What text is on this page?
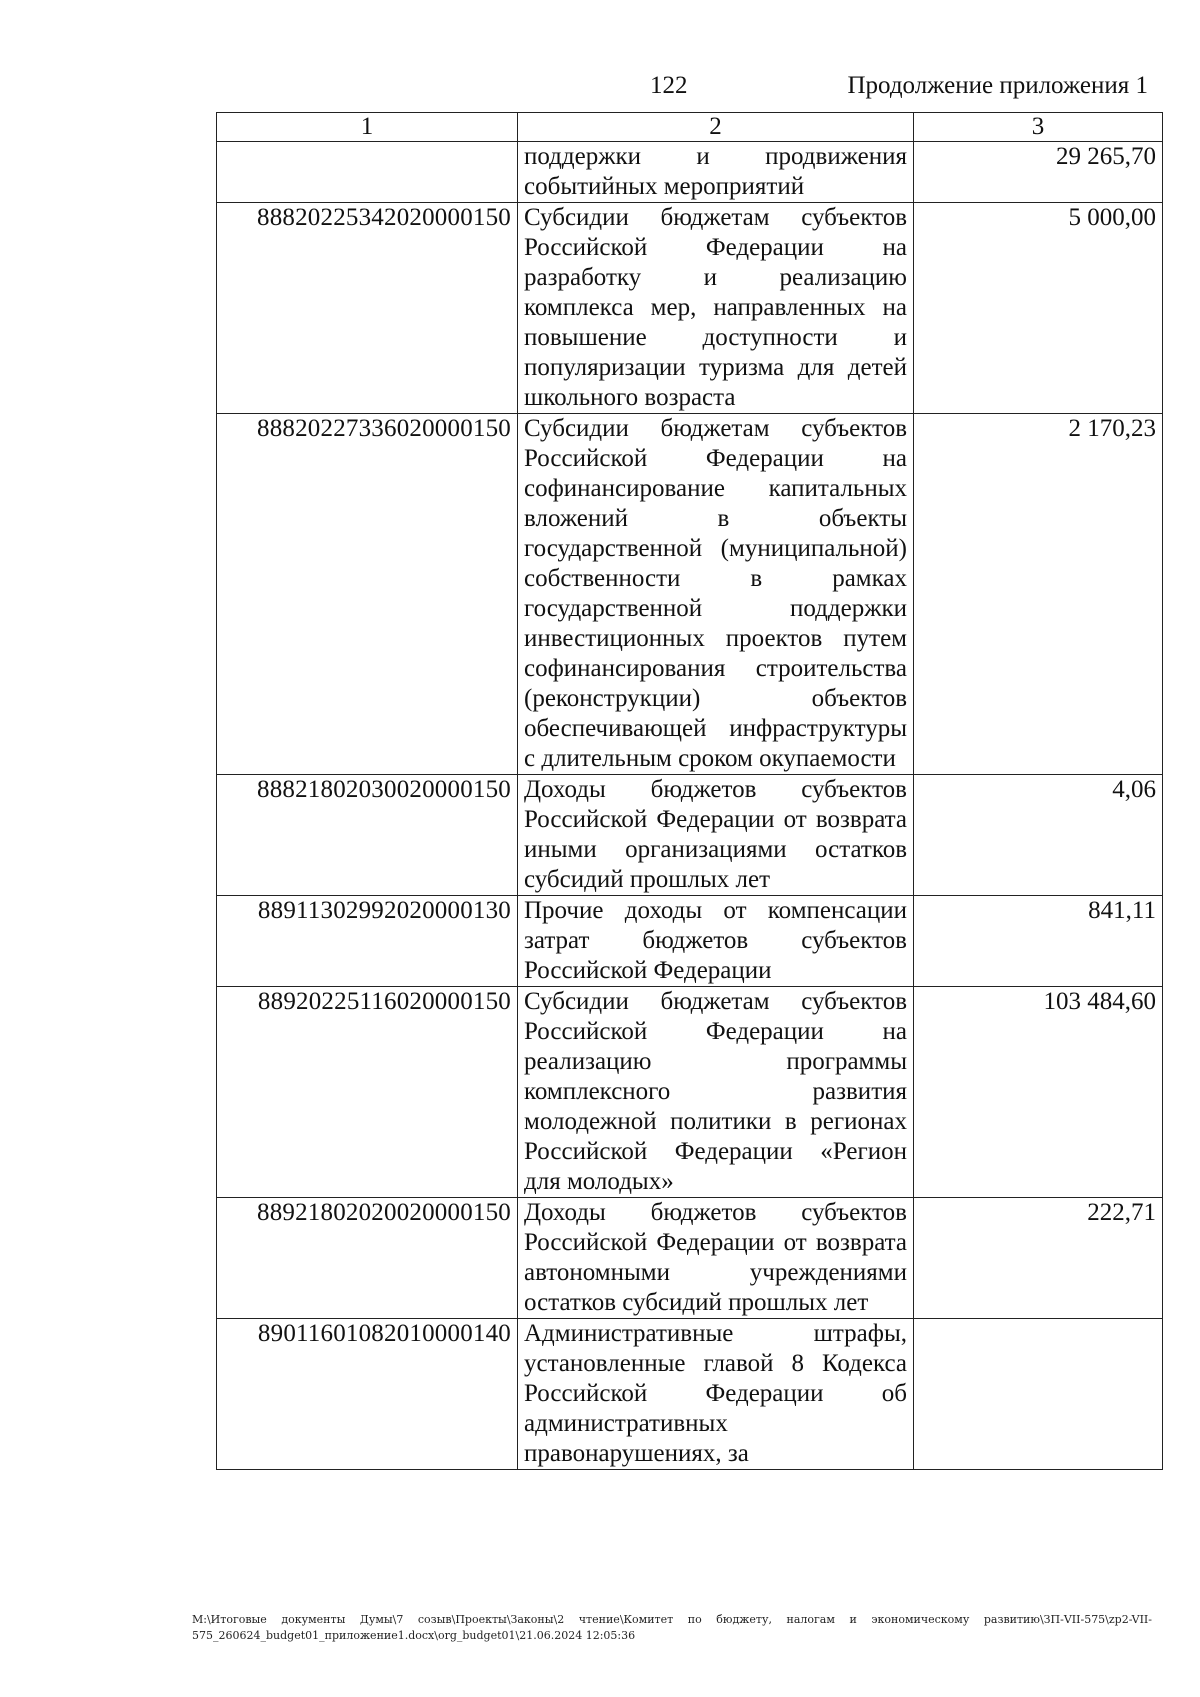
122	Продолжение приложения 1
1	2	3
	поддержки и продвижения событийных мероприятий	29 265,70
88820225342020000150	Субсидии бюджетам субъектов Российской Федерации на разработку и реализацию комплекса мер, направленных на повышение доступности и популяризации туризма для детей школьного возраста	5 000,00
88820227336020000150	Субсидии бюджетам субъектов Российской Федерации на софинансирование капитальных вложений в объекты государственной (муниципальной) собственности в рамках государственной поддержки инвестиционных проектов путем софинансирования строительства (реконструкции) объектов обеспечивающей инфраструктуры с длительным сроком окупаемости	2 170,23
88821802030020000150	Доходы бюджетов субъектов Российской Федерации от возврата иными организациями остатков субсидий прошлых лет	4,06
88911302992020000130	Прочие доходы от компенсации затрат бюджетов субъектов Российской Федерации	841,11
88920225116020000150	Субсидии бюджетам субъектов Российской Федерации на реализацию программы комплексного развития молодежной политики в регионах Российской Федерации «Регион для молодых»	103 484,60
88921802020020000150	Доходы бюджетов субъектов Российской Федерации от возврата автономными учреждениями остатков субсидий прошлых лет	222,71
89011601082010000140	Административные штрафы, установленные главой 8 Кодекса Российской Федерации об административных правонарушениях, за	
M:\Итоговые документы Думы\7 созыв\Проекты\Законы\2 чтение\Комитет по бюджету, налогам и экономическому развитию\ЗП-VII-575\zp2-VII-575_260624_budget01_приложение1.docx\org_budget01\21.06.2024 12:05:36
